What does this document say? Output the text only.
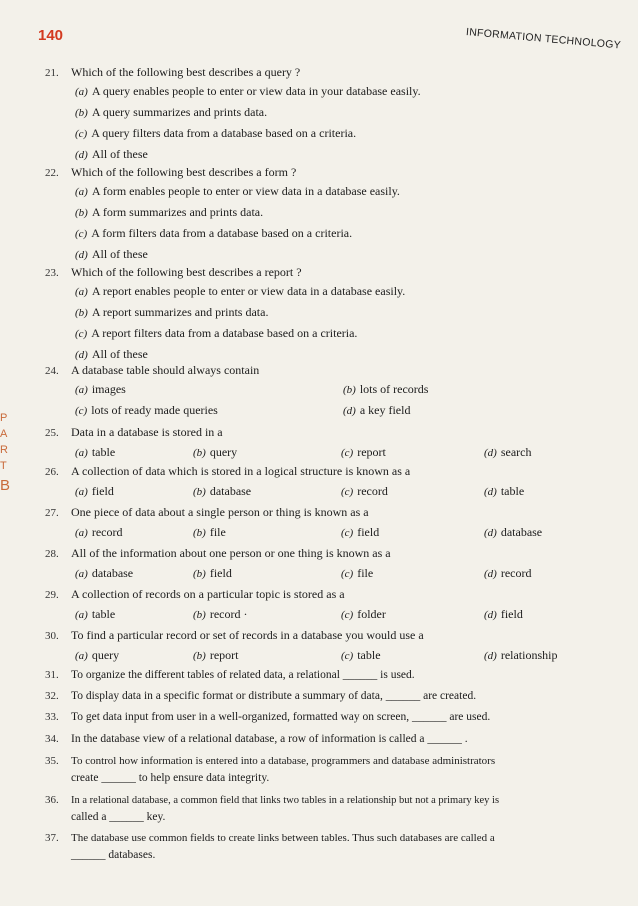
140	INFORMATION TECHNOLOGY
P
A
R
T
B
21. Which of the following best describes a query ?
(a) A query enables people to enter or view data in your database easily.
(b) A query summarizes and prints data.
(c) A query filters data from a database based on a criteria.
(d) All of these
22. Which of the following best describes a form ?
(a) A form enables people to enter or view data in a database easily.
(b) A form summarizes and prints data.
(c) A form filters data from a database based on a criteria.
(d) All of these
23. Which of the following best describes a report ?
(a) A report enables people to enter or view data in a database easily.
(b) A report summarizes and prints data.
(c) A report filters data from a database based on a criteria.
(d) All of these
24. A database table should always contain
(a) images	(b) lots of records
(c) lots of ready made queries	(d) a key field
25. Data in a database is stored in a
(a) table	(b) query	(c) report	(d) search
26. A collection of data which is stored in a logical structure is known as a
(a) field	(b) database	(c) record	(d) table
27. One piece of data about a single person or thing is known as a
(a) record	(b) file	(c) field	(d) database
28. All of the information about one person or one thing is known as a
(a) database	(b) field	(c) file	(d) record
29. A collection of records on a particular topic is stored as a
(a) table	(b) record ·	(c) folder	(d) field
30. To find a particular record or set of records in a database you would use a
(a) query	(b) report	(c) table	(d) relationship
31. To organize the different tables of related data, a relational ______ is used.
32. To display data in a specific format or distribute a summary of data, ______ are created.
33. To get data input from user in a well-organized, formatted way on screen, ______ are used.
34. In the database view of a relational database, a row of information is called a ______ .
35. To control how information is entered into a database, programmers and database administrators
create ______ to help ensure data integrity.
36. In a relational database, a common field that links two tables in a relationship but not a primary key is
called a ______ key.
37. The database use common fields to create links between tables. Thus such databases are called a
______ databases.
